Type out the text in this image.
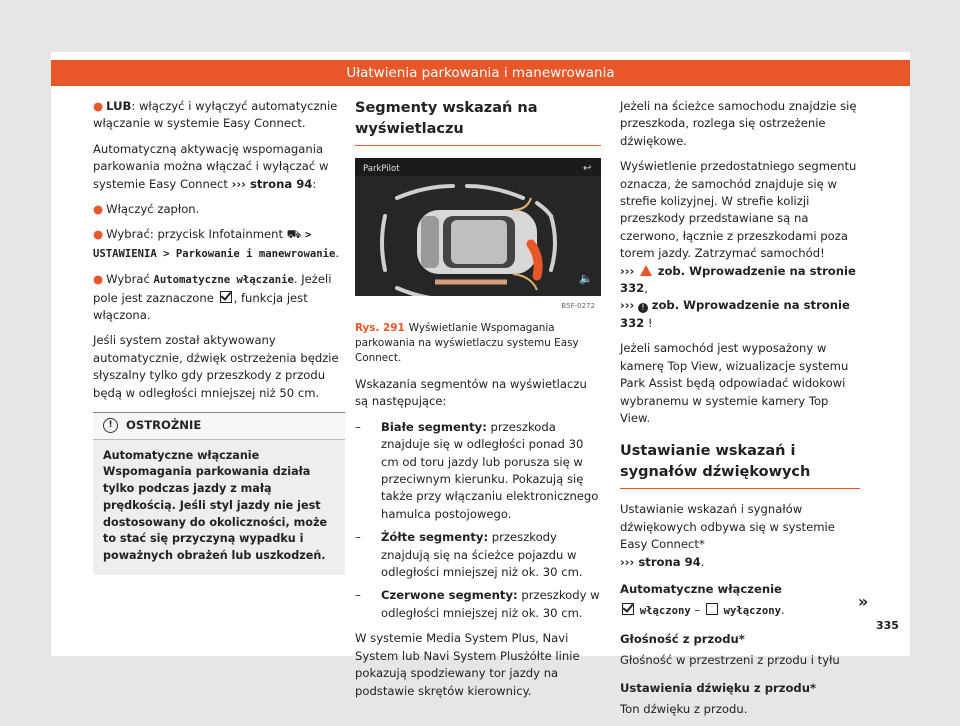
Ułatwienia parkowania i manewrowania

● LUB: włączyć i wyłączyć automatycznie włączanie w systemie Easy Connect.

Automatyczną aktywację wspomagania parkowania można włączać i wyłączać w systemie Easy Connect ››› strona 94:

● Włączyć zapłon.

● Wybrać: przycisk Infotainment ⛟ > USTAWIENIA > Parkowanie i manewrowanie.

● Wybrać Automatyczne włączanie. Jeżeli pole jest zaznaczone , funkcja jest włączona.

Jeśli system został aktywowany automatycznie, dźwięk ostrzeżenia będzie słyszalny tylko gdy przeszkody z przodu będą w odległości mniejszej niż 50 cm.

!	OSTROŻNIE
Automatyczne włączanie Wspomagania parkowania działa tylko podczas jazdy z małą prędkością. Jeśli styl jazdy nie jest dostosowany do okoliczności, może to stać się przyczyną wypadku i poważnych obrażeń lub uszkodzeń.
Segmenty wskazań na wyświetlaczu
ParkPilot	↩
🔈
B5F-0272
Rys. 291 Wyświetlanie Wspomagania parkowania na wyświetlaczu systemu Easy Connect.

Wskazania segmentów na wyświetlaczu są następujące:

– Białe segmenty: przeszkoda znajduje się w odległości ponad 30 cm od toru jazdy lub porusza się w przeciwnym kierunku. Pokazują się także przy włączaniu elektronicznego hamulca postojowego.
– Żółte segmenty: przeszkody znajdują się na ścieżce pojazdu w odległości mniejszej niż ok. 30 cm.
– Czerwone segmenty: przeszkody w odległości mniejszej niż ok. 30 cm.

W systemie Media System Plus, Navi System lub Navi System Plusżółte linie pokazują spodziewany tor jazdy na podstawie skrętów kierownicy.

Jeżeli na ścieżce samochodu znajdzie się przeszkoda, rozlega się ostrzeżenie dźwiękowe.

Wyświetlenie przedostatniego segmentu oznacza, że samochód znajduje się w strefie kolizyjnej. W strefie kolizji przeszkody przedstawiane są na czerwono, łącznie z przeszkodami poza torem jazdy. Zatrzymać samochód!
››› zob. Wprowadzenie na stronie 332,
››› ! zob. Wprowadzenie na stronie 332 !

Jeżeli samochód jest wyposażony w kamerę Top View, wizualizacje systemu Park Assist będą odpowiadać widokowi wybranemu w systemie kamery Top View.

Ustawianie wskazań i sygnałów dźwiękowych

Ustawianie wskazań i sygnałów dźwiękowych odbywa się w systemie Easy Connect*
››› strona 94.

Automatyczne włączenie

włączony – wyłączony.

Głośność z przodu*

Głośność w przestrzeni z przodu i tyłu

Ustawienia dźwięku z przodu*

Ton dźwięku z przodu.

»
335
